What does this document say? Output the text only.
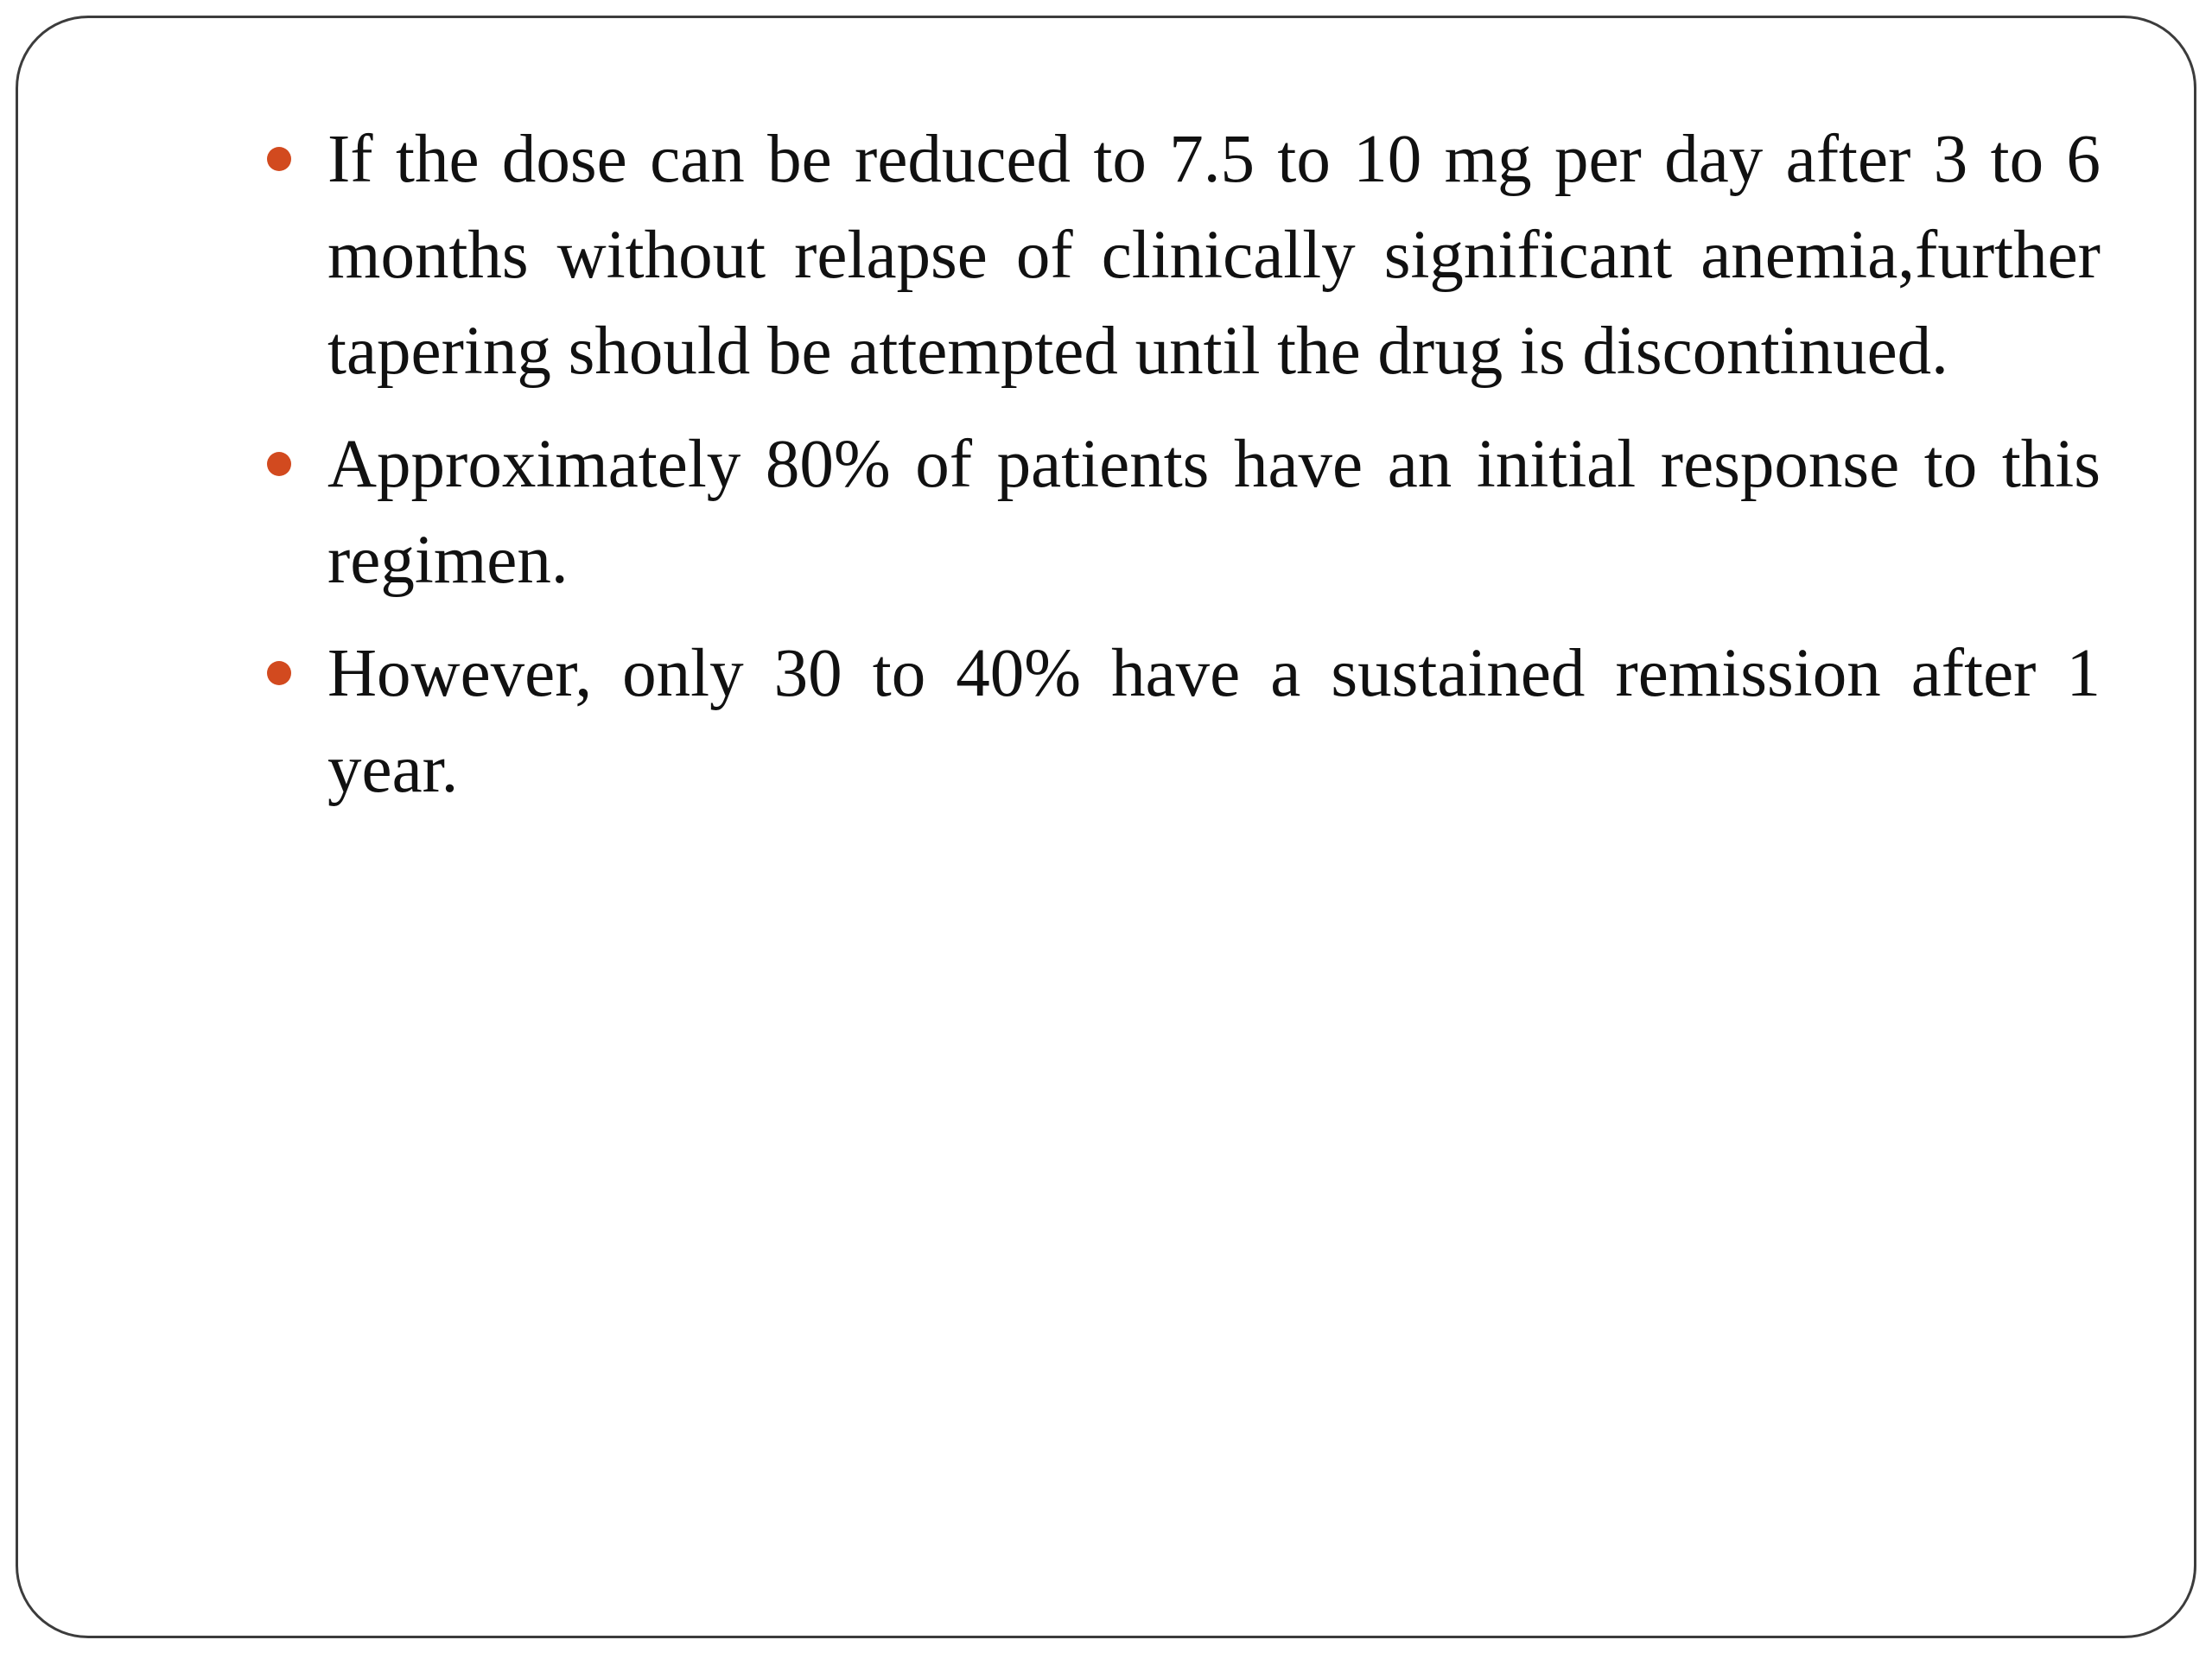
If the dose can be reduced to 7.5 to 10 mg per day after 3 to 6 months without relapse of clinically significant anemia,further tapering should be attempted until the drug is discontinued.
Approximately 80% of patients have an initial response to this regimen.
However, only 30 to 40% have a sustained remission after 1 year.
